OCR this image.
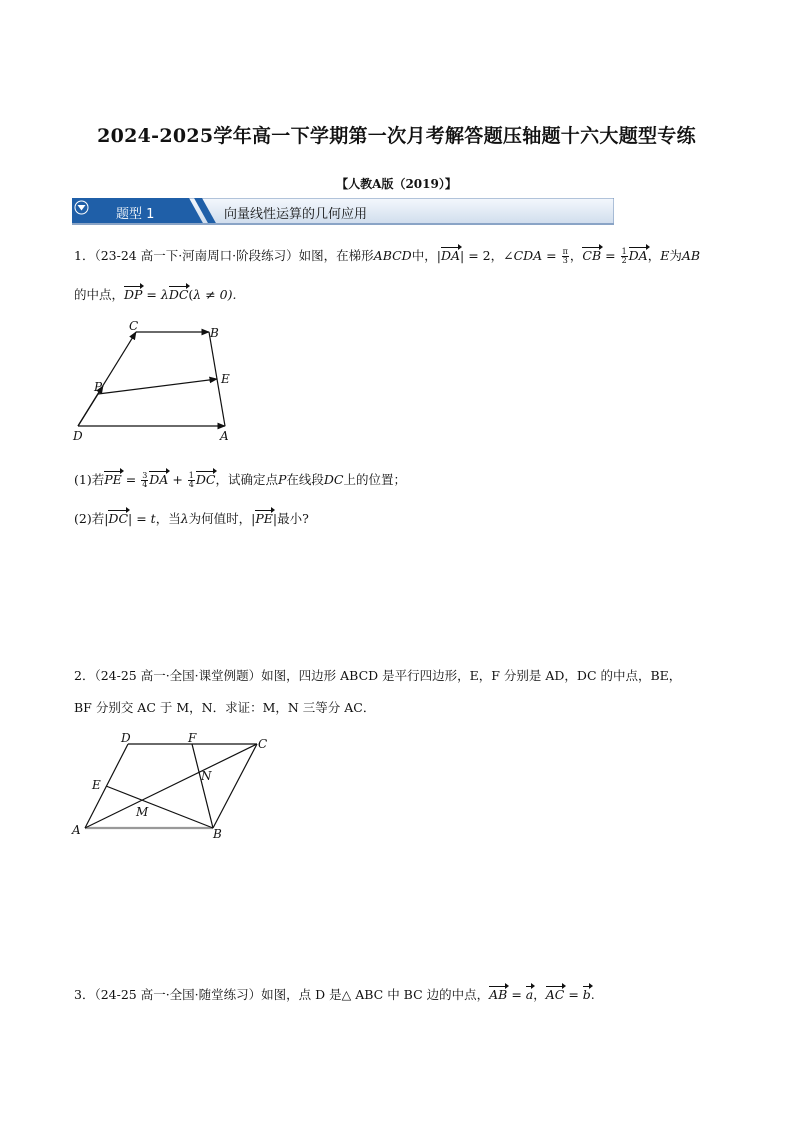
2024-2025学年高一下学期第一次月考解答题压轴题十六大题型专练
【人教A版（2019）】
题型 1	向量线性运算的几何应用
1．（23-24 高一下·河南周口·阶段练习）如图，在梯形ABCD中，|DA| = 2，∠CDA = $\frac{\pi}{3}$ ，CB = $\frac{1}{2}$ DA，E为AB
的中点，DP = λDC(λ ≠ 0).
C	B
P
E
D	A
(1)若PE = $\frac{3}{4}$ DA + $\frac{1}{4}$ DC，试确定点P在线段DC上的位置；
(2)若|DC| = t，当λ为何值时，|PE|最小?
2．（24-25 高一·全国·课堂例题）如图，四边形 ABCD 是平行四边形，E，F 分别是 AD，DC 的中点，BE，
BF 分别交 AC 于 M，N．求证：M，N 三等分 AC．
D	F	C
E
N
M
A	B
3．（24-25 高一·全国·随堂练习）如图，点 D 是△ ABC 中 BC 边的中点，AB = a，AC = b.
